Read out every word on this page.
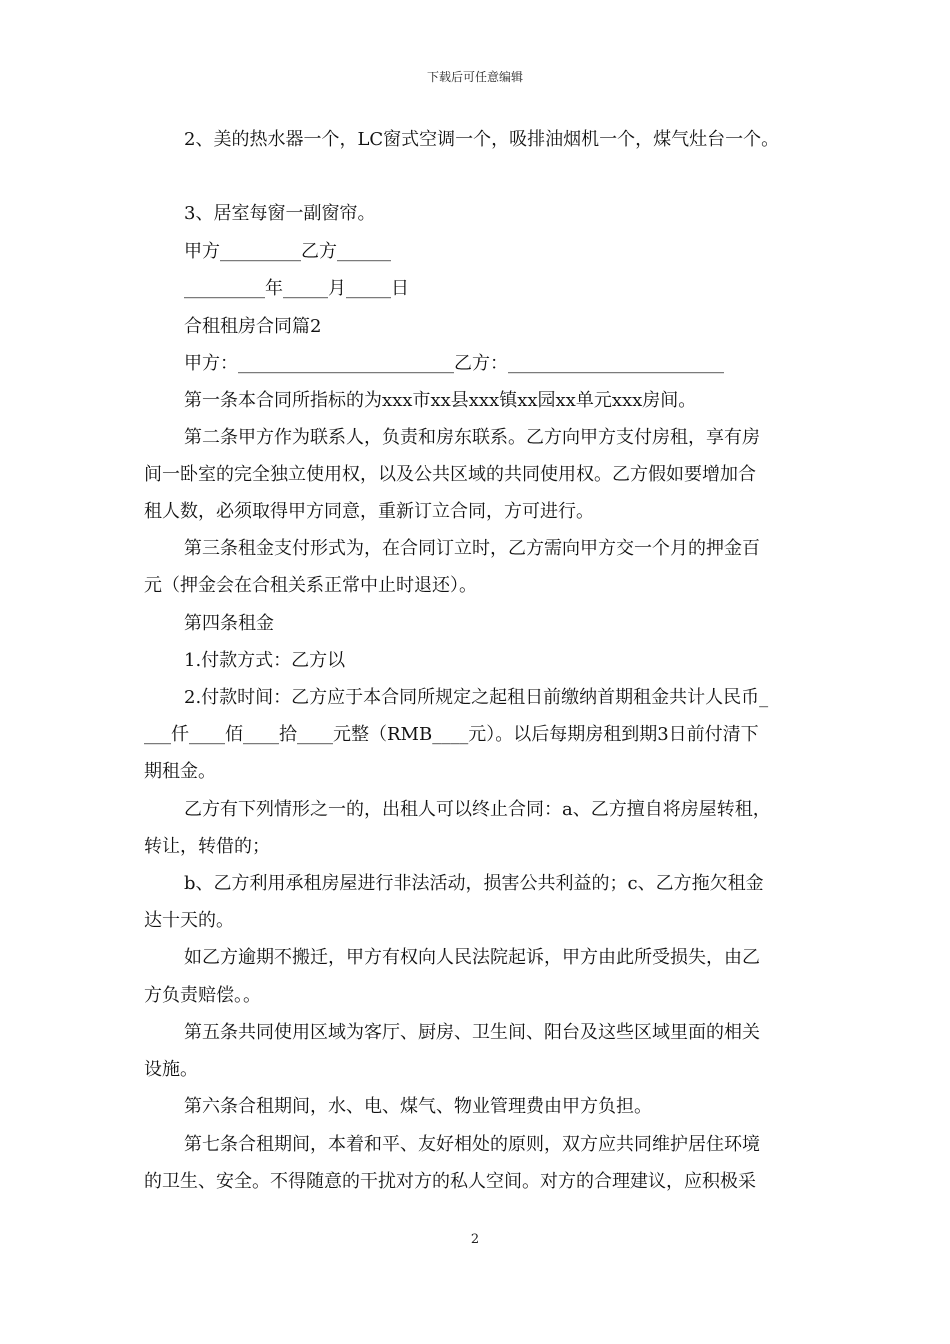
下载后可任意编辑
2、美的热水器一个，LC窗式空调一个，吸排油烟机一个，煤气灶台一个。
3、居室每窗一副窗帘。
甲方_________乙方______
_________年_____月_____日
合租租房合同篇2
甲方：________________________乙方：________________________
第一条本合同所指标的为xxx市xx县xxx镇xx园xx单元xxx房间。
第二条甲方作为联系人，负责和房东联系。乙方向甲方支付房租，享有房
间一卧室的完全独立使用权，以及公共区域的共同使用权。乙方假如要增加合
租人数，必须取得甲方同意，重新订立合同，方可进行。
第三条租金支付形式为，在合同订立时，乙方需向甲方交一个月的押金百
元（押金会在合租关系正常中止时退还）。
第四条租金
1.付款方式：乙方以
2.付款时间：乙方应于本合同所规定之起租日前缴纳首期租金共计人民币_
___仟____佰____拾____元整（RMB____元）。以后每期房租到期3日前付清下
期租金。
乙方有下列情形之一的，出租人可以终止合同：a、乙方擅自将房屋转租，
转让，转借的；
b、乙方利用承租房屋进行非法活动，损害公共利益的；c、乙方拖欠租金
达十天的。
如乙方逾期不搬迁，甲方有权向人民法院起诉，甲方由此所受损失，由乙
方负责赔偿。。
第五条共同使用区域为客厅、厨房、卫生间、阳台及这些区域里面的相关
设施。
第六条合租期间，水、电、煤气、物业管理费由甲方负担。
第七条合租期间，本着和平、友好相处的原则，双方应共同维护居住环境
的卫生、安全。不得随意的干扰对方的私人空间。对方的合理建议，应积极采
2
